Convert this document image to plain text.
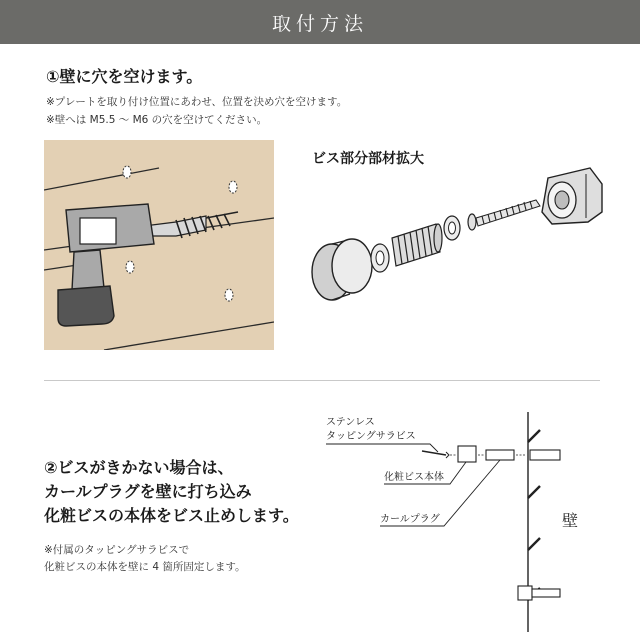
取付方法
①壁に穴を空けます。
※プレートを取り付け位置にあわせ、位置を決め穴を空けます。
※壁へは M5.5 ～ M6 の穴を空けてください。
ビス部分部材拡大
②ビスがきかない場合は、
カールプラグを壁に打ち込み
化粧ビスの本体をビス止めします。
※付属のタッピングサラビスで
化粧ビスの本体を壁に 4 箇所固定します。
ステンレス
タッピングサラビス
化粧ビス本体
カールプラグ	壁
